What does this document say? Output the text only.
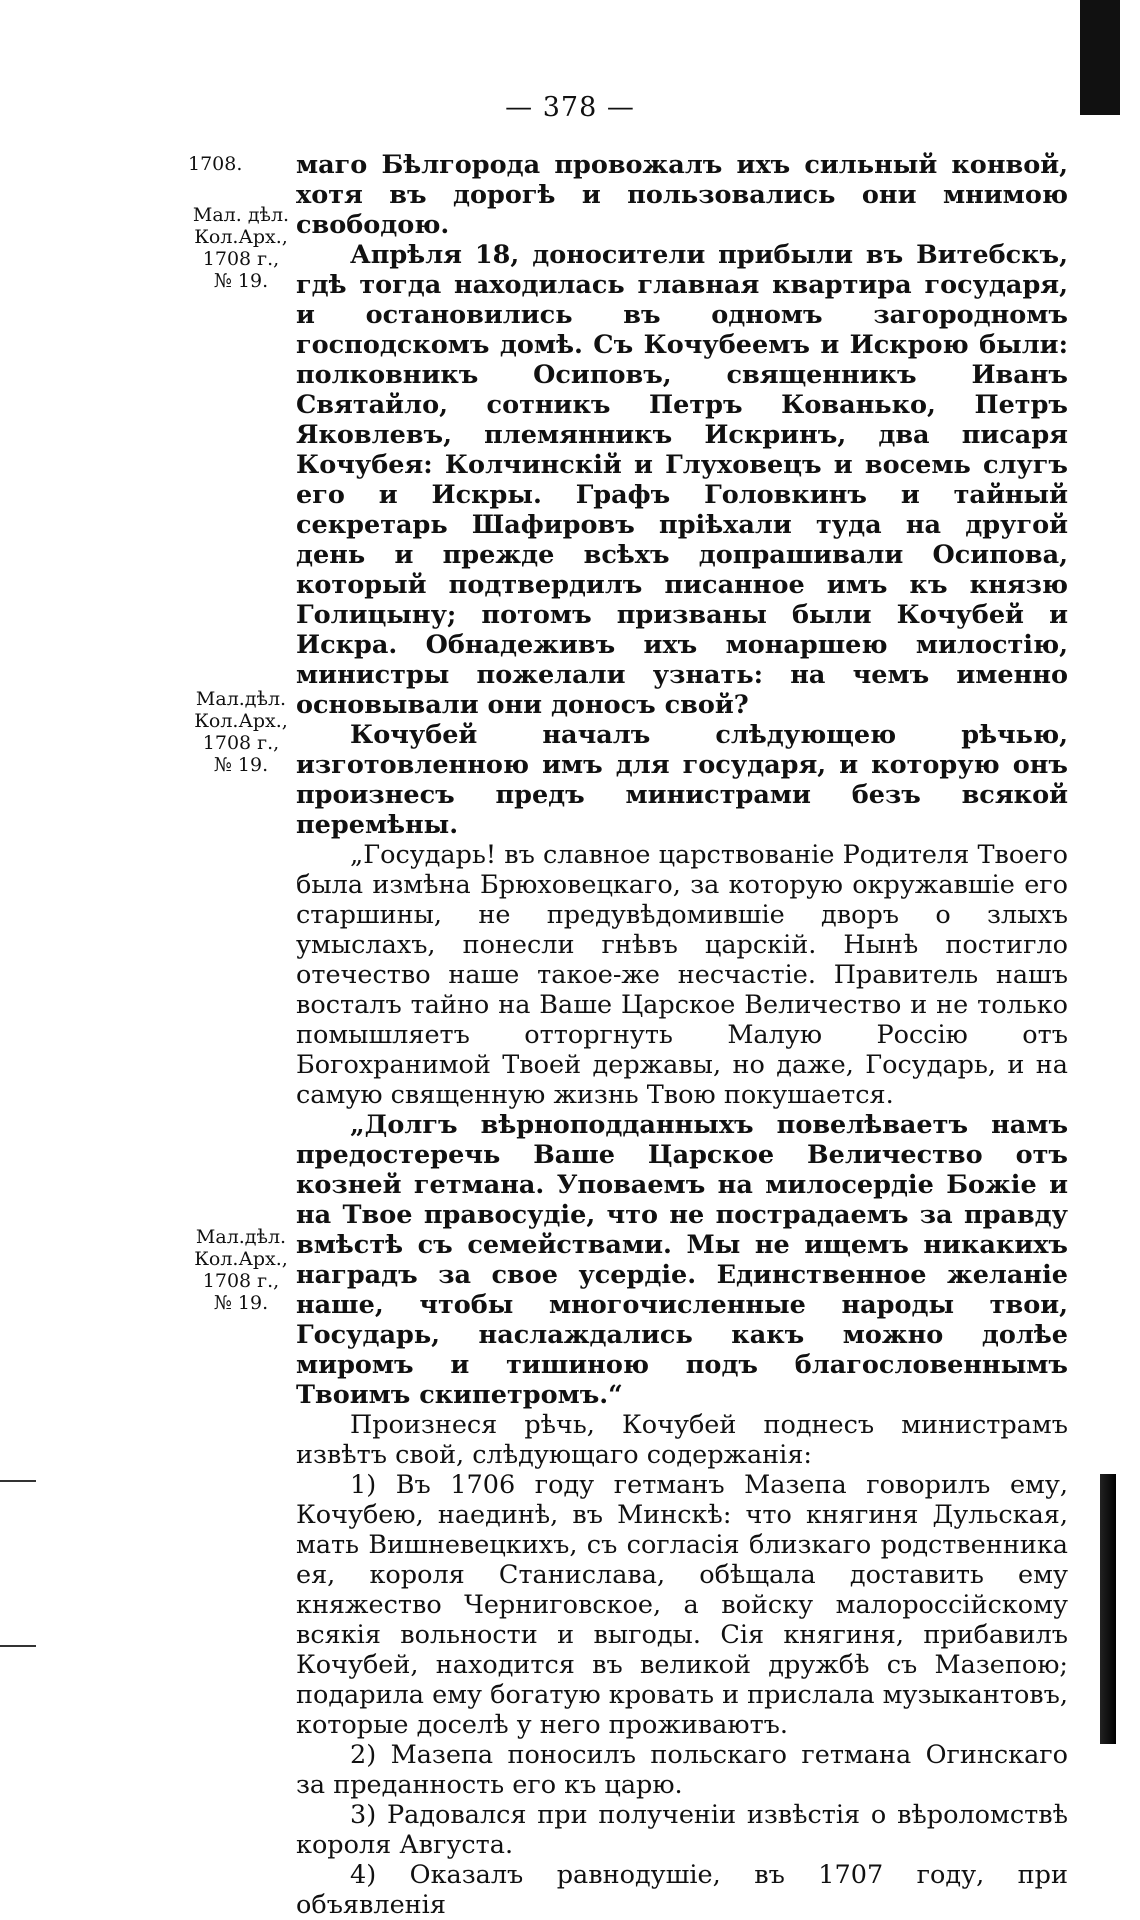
— 378 —
1708.
Мал. дѣл.
Кол.Арх.,
1708 г.,
№ 19.
Мал.дѣл.
Кол.Арх.,
1708 г.,
№ 19.
Мал.дѣл.
Кол.Арх.,
1708 г.,
№ 19.

маго Бѣлгорода провожалъ ихъ сильный конвой, хотя въ дорогѣ и пользовались они мнимою свободою.

Апрѣля 18, доносители прибыли въ Витебскъ, гдѣ тогда находилась главная квартира государя, и остановились въ одномъ загородномъ господскомъ домѣ. Съ Кочубеемъ и Искрою были: полковникъ Осиповъ, священникъ Иванъ Святайло, сотникъ Петръ Кованько, Петръ Яковлевъ, племянникъ Искринъ, два писаря Кочубея: Колчинскій и Глуховецъ и восемь слугъ его и Искры. Графъ Головкинъ и тайный секретарь Шафировъ пріѣхали туда на другой день и прежде всѣхъ допрашивали Осипова, который подтвердилъ писанное имъ къ князю Голицыну; потомъ призваны были Кочубей и Искра. Обнадеживъ ихъ монаршею милостію, министры пожелали узнать: на чемъ именно основывали они доносъ свой?

Кочубей началъ слѣдующею рѣчью, изготовленною имъ для государя, и которую онъ произнесъ предъ министрами безъ всякой перемѣны.

„Государь! въ славное царствованіе Родителя Твоего была измѣна Брюховецкаго, за которую окружавшіе его старшины, не предувѣдомившіе дворъ о злыхъ умыслахъ, понесли гнѣвъ царскій. Нынѣ постигло отечество наше такое-же несчастіе. Правитель нашъ восталъ тайно на Ваше Царское Величество и не только помышляетъ отторгнуть Малую Россію отъ Богохранимой Твоей державы, но даже, Государь, и на самую священную жизнь Твою покушается.

„Долгъ вѣрноподданныхъ повелѣваетъ намъ предостеречь Ваше Царское Величество отъ козней гетмана. Уповаемъ на милосердіе Божіе и на Твое правосудіе, что не пострадаемъ за правду вмѣстѣ съ семействами. Мы не ищемъ никакихъ наградъ за свое усердіе. Единственное желаніе наше, чтобы многочисленные народы твои, Государь, наслаждались какъ можно долѣе миромъ и тишиною подъ благословеннымъ Твоимъ скипетромъ.“

Произнеся рѣчь, Кочубей поднесъ министрамъ извѣтъ свой, слѣдующаго содержанія:

1) Въ 1706 году гетманъ Мазепа говорилъ ему, Кочубею, наединѣ, въ Минскѣ: что княгиня Дульская, мать Вишневецкихъ, съ согласія близкаго родственника ея, короля Станислава, обѣщала доставить ему княжество Черниговское, а войску малороссійскому всякія вольности и выгоды. Сія княгиня, прибавилъ Кочубей, находится въ великой дружбѣ съ Мазепою; подарила ему богатую кровать и прислала музыкантовъ, которые доселѣ у него проживаютъ.

2) Мазепа поносилъ польскаго гетмана Огинскаго за преданность его къ царю.

3) Радовался при полученіи извѣстія о вѣроломствѣ короля Августа.

4) Оказалъ равнодушіе, въ 1707 году, при объявленія
